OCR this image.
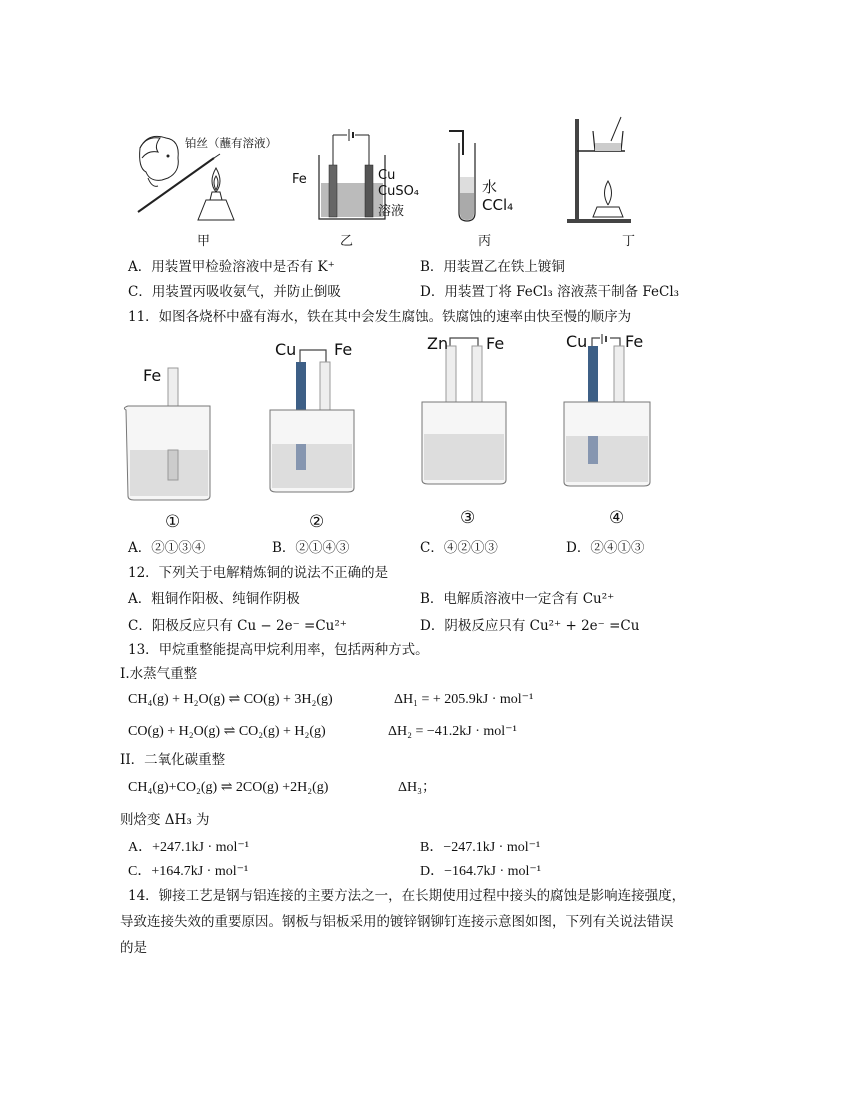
铂丝（蘸有溶液）
甲
Fe	Cu
CuSO₄
溶液
乙
水
CCl₄
丙	丁
A．用装置甲检验溶液中是否有 K⁺	B．用装置乙在铁上镀铜
C．用装置丙吸收氨气，并防止倒吸	D．用装置丁将 FeCl₃ 溶液蒸干制备 FeCl₃
11．如图各烧杯中盛有海水，铁在其中会发生腐蚀。铁腐蚀的速率由快至慢的顺序为
Fe
①
Cu Fe
②
Zn Fe
③
Cu Fe
④
A．②①③④	B．②①④③	C．④②①③	D．②④①③
12．下列关于电解精炼铜的说法不正确的是
A．粗铜作阳极、纯铜作阴极	B．电解质溶液中一定含有 Cu²⁺
C．阳极反应只有 Cu − 2e⁻ =Cu²⁺	D．阴极反应只有 Cu²⁺ + 2e⁻ =Cu
13．甲烷重整能提高甲烷利用率，包括两种方式。
I.水蒸气重整
CH₄(g) + H₂O(g) ⇌ CO(g) + 3H₂(g)	ΔH₁ = + 205.9kJ · mol⁻¹
CO(g) + H₂O(g) ⇌ CO₂(g) + H₂(g)	ΔH₂ = −41.2kJ · mol⁻¹
II．二氧化碳重整
CH₄(g)+CO₂(g) ⇌ 2CO(g) +2H₂(g)	ΔH₃；
则焓变 ΔH₃ 为
A．+247.1kJ · mol⁻¹	B．−247.1kJ · mol⁻¹
C．+164.7kJ · mol⁻¹	D．−164.7kJ · mol⁻¹
14．铆接工艺是钢与铝连接的主要方法之一，在长期使用过程中接头的腐蚀是影响连接强度，
导致连接失效的重要原因。钢板与铝板采用的镀锌钢铆钉连接示意图如图，下列有关说法错误
的是
